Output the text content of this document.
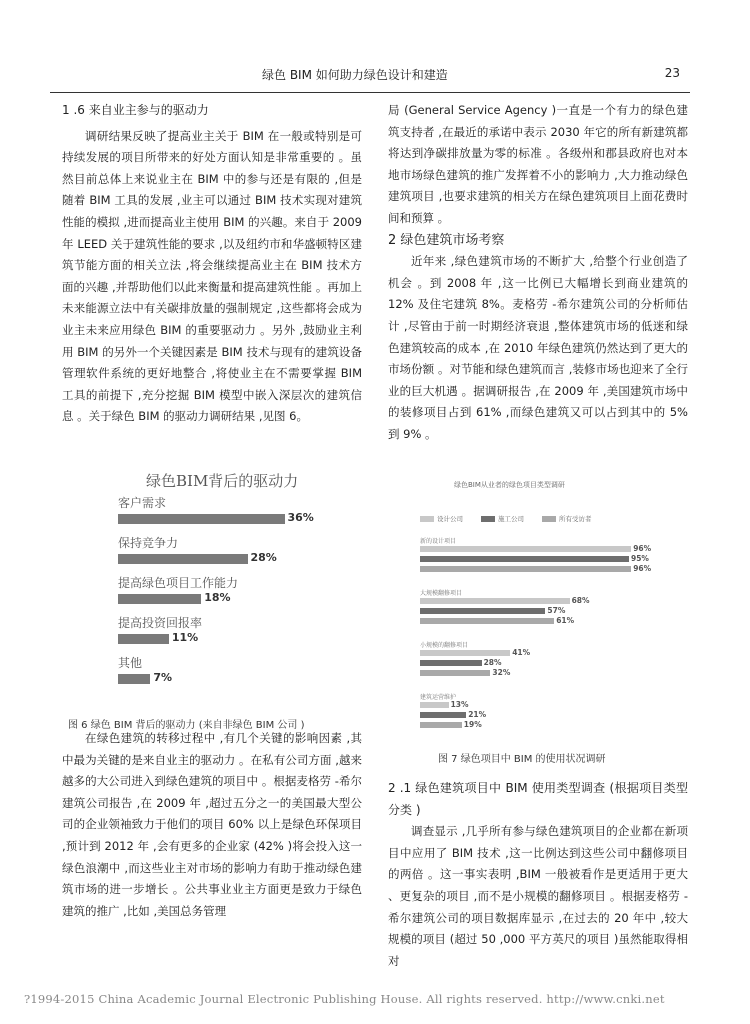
绿色 BIM 如何助力绿色设计和建造	23

1 .6 来自业主参与的驱动力

调研结果反映了提高业主关于 BIM 在一般或特别是可持续发展的项目所带来的好处方面认知是非常重要的 。虽然目前总体上来说业主在 BIM 中的参与还是有限的 ,但是随着 BIM 工具的发展 ,业主可以通过 BIM 技术实现对建筑性能的模拟 ,进而提高业主使用 BIM 的兴趣。来自于 2009 年 LEED 关于建筑性能的要求 ,以及纽约市和华盛顿特区建筑节能方面的相关立法 ,将会继续提高业主在 BIM 技术方面的兴趣 ,并帮助他们以此来衡量和提高建筑性能 。再加上未来能源立法中有关碳排放量的强制规定 ,这些都将会成为业主未来应用绿色 BIM 的重要驱动力 。另外 ,鼓励业主利用 BIM 的另外一个关键因素是 BIM 技术与现有的建筑设备管理软件系统的更好地整合 ,将使业主在不需要掌握 BIM 工具的前提下 ,充分挖掘 BIM 模型中嵌入深层次的建筑信息 。关于绿色 BIM 的驱动力调研结果 ,见图 6。

绿色BIM背后的驱动力
客户需求
36%
保持竞争力
28%
提高绿色项目工作能力
18%
提高投资回报率
11%
其他
7%
图 6 绿色 BIM 背后的驱动力 (来自非绿色 BIM 公司 )

在绿色建筑的转移过程中 ,有几个关键的影响因素 ,其中最为关键的是来自业主的驱动力 。在私有公司方面 ,越来越多的大公司进入到绿色建筑的项目中 。根据麦格劳 -希尔建筑公司报告 ,在 2009 年 ,超过五分之一的美国最大型公司的企业领袖致力于他们的项目 60% 以上是绿色环保项目 ,预计到 2012 年 ,会有更多的企业家 (42% )将会投入这一绿色浪潮中 ,而这些业主对市场的影响力有助于推动绿色建筑市场的进一步增长 。公共事业业主方面更是致力于绿色建筑的推广 ,比如 ,美国总务管理

局 (General Service Agency )一直是一个有力的绿色建筑支持者 ,在最近的承诺中表示 2030 年它的所有新建筑都将达到净碳排放量为零的标准 。各级州和郡县政府也对本地市场绿色建筑的推广发挥着不小的影响力 ,大力推动绿色建筑项目 ,也要求建筑的相关方在绿色建筑项目上面花费时间和预算 。

2 绿色建筑市场考察

近年来 ,绿色建筑市场的不断扩大 ,给整个行业创造了机会 。到 2008 年 ,这一比例已大幅增长到商业建筑的 12% 及住宅建筑 8%。麦格劳 -希尔建筑公司的分析师估计 ,尽管由于前一时期经济衰退 ,整体建筑市场的低迷和绿色建筑较高的成本 ,在 2010 年绿色建筑仍然达到了更大的市场份额 。对节能和绿色建筑而言 ,装修市场也迎来了全行业的巨大机遇 。据调研报告 ,在 2009 年 ,美国建筑市场中的装修项目占到 61% ,而绿色建筑又可以占到其中的 5% 到 9% 。

绿色BIM从业者的绿色项目类型调研
设计公司	施工公司	所有受访者
新的设计项目
96%
95%
96%
大规模翻修项目
68%
57%
61%
小规模的翻修项目
41%
28%
32%
建筑运营维护
13%
21%
19%
图 7 绿色项目中 BIM 的使用状况调研

2 .1 绿色建筑项目中 BIM 使用类型调查 (根据项目类型分类 )

调查显示 ,几乎所有参与绿色建筑项目的企业都在新项目中应用了 BIM 技术 ,这一比例达到这些公司中翻修项目的两倍 。这一事实表明 ,BIM 一般被看作是更适用于更大 、更复杂的项目 ,而不是小规模的翻修项目 。根据麦格劳 -希尔建筑公司的项目数据库显示 ,在过去的 20 年中 ,较大规模的项目 (超过 50 ,000 平方英尺的项目 )虽然能取得相对

?1994-2015 China Academic Journal Electronic Publishing House. All rights reserved. http://www.cnki.net
